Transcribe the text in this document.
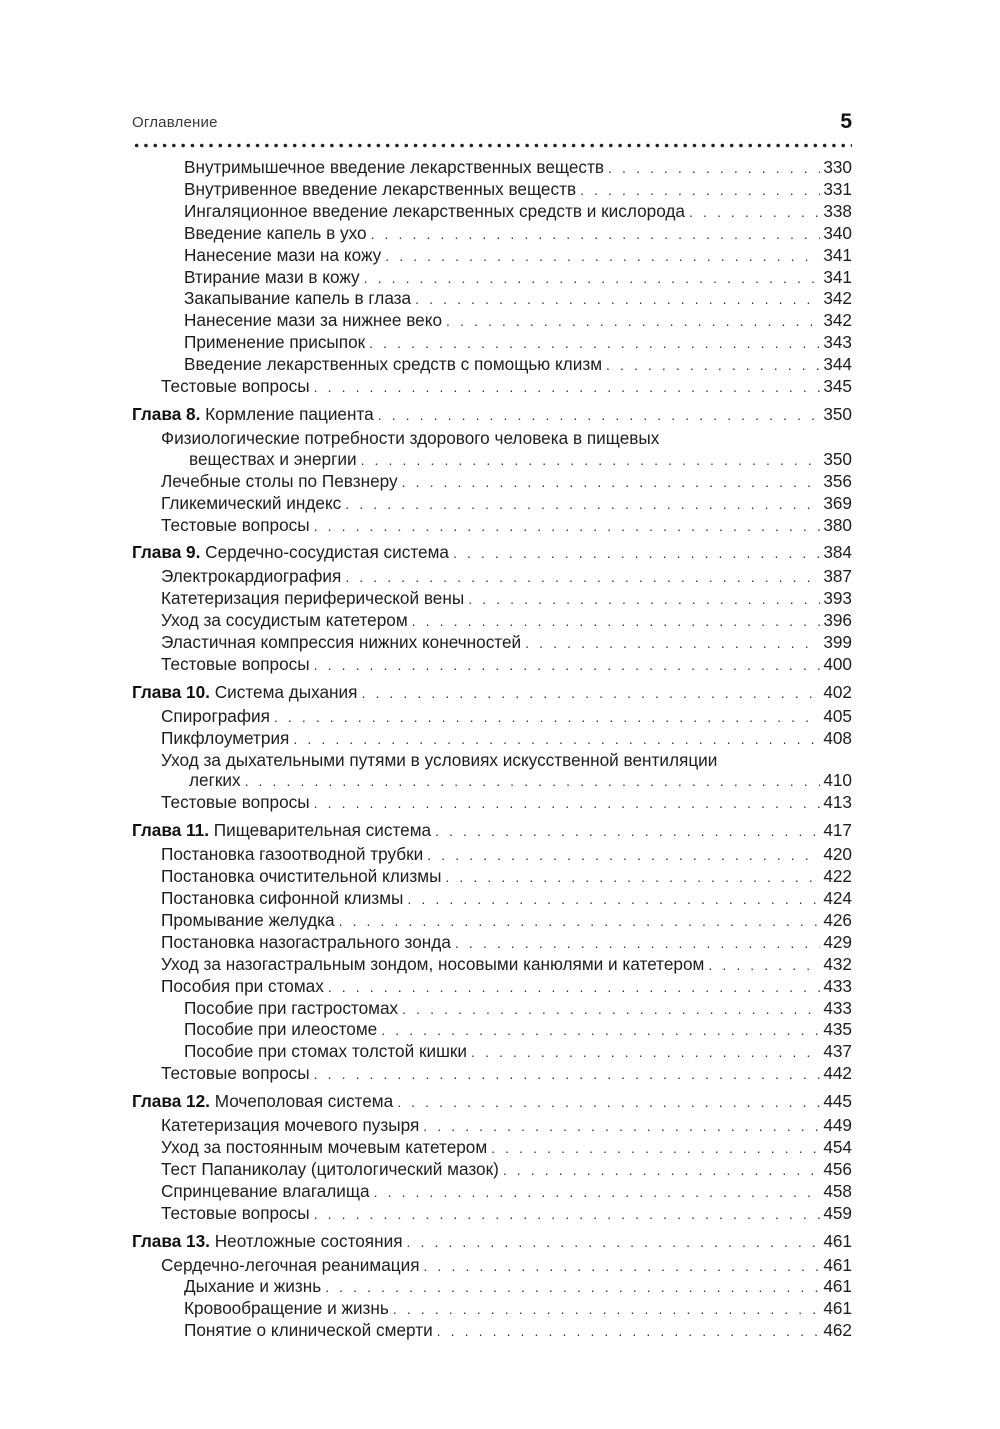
Оглавление	5
Внутримышечное введение лекарственных веществ . . .	330
Внутривенное введение лекарственных веществ . . .	331
Ингаляционное введение лекарственных средств и кислорода . . .	338
Введение капель в ухо . . .	340
Нанесение мази на кожу . . .	341
Втирание мази в кожу . . .	341
Закапывание капель в глаза . . .	342
Нанесение мази за нижнее веко . . .	342
Применение присыпок . . .	343
Введение лекарственных средств с помощью клизм . . .	344
Тестовые вопросы . . .	345
Глава 8. Кормление пациента . . .	350
Физиологические потребности здорового человека в пищевых
веществах и энергии . . .	350
Лечебные столы по Певзнеру . . .	356
Гликемический индекс . . .	369
Тестовые вопросы . . .	380
Глава 9. Сердечно-сосудистая система . . .	384
Электрокардиография . . .	387
Катетеризация периферической вены . . .	393
Уход за сосудистым катетером . . .	396
Эластичная компрессия нижних конечностей . . .	399
Тестовые вопросы . . .	400
Глава 10. Система дыхания . . .	402
Спирография . . .	405
Пикфлоуметрия . . .	408
Уход за дыхательными путями в условиях искусственной вентиляции
легких . . .	410
Тестовые вопросы . . .	413
Глава 11. Пищеварительная система . . .	417
Постановка газоотводной трубки . . .	420
Постановка очистительной клизмы . . .	422
Постановка сифонной клизмы . . .	424
Промывание желудка . . .	426
Постановка назогастрального зонда . . .	429
Уход за назогастральным зондом, носовыми канюлями и катетером . . .	432
Пособия при стомах . . .	433
Пособие при гастростомах . . .	433
Пособие при илеостоме . . .	435
Пособие при стомах толстой кишки . . .	437
Тестовые вопросы . . .	442
Глава 12. Мочеполовая система . . .	445
Катетеризация мочевого пузыря . . .	449
Уход за постоянным мочевым катетером . . .	454
Тест Папаниколау (цитологический мазок) . . .	456
Спринцевание влагалища . . .	458
Тестовые вопросы . . .	459
Глава 13. Неотложные состояния . . .	461
Сердечно-легочная реанимация . . .	461
Дыхание и жизнь . . .	461
Кровообращение и жизнь . . .	461
Понятие о клинической смерти . . .	462
